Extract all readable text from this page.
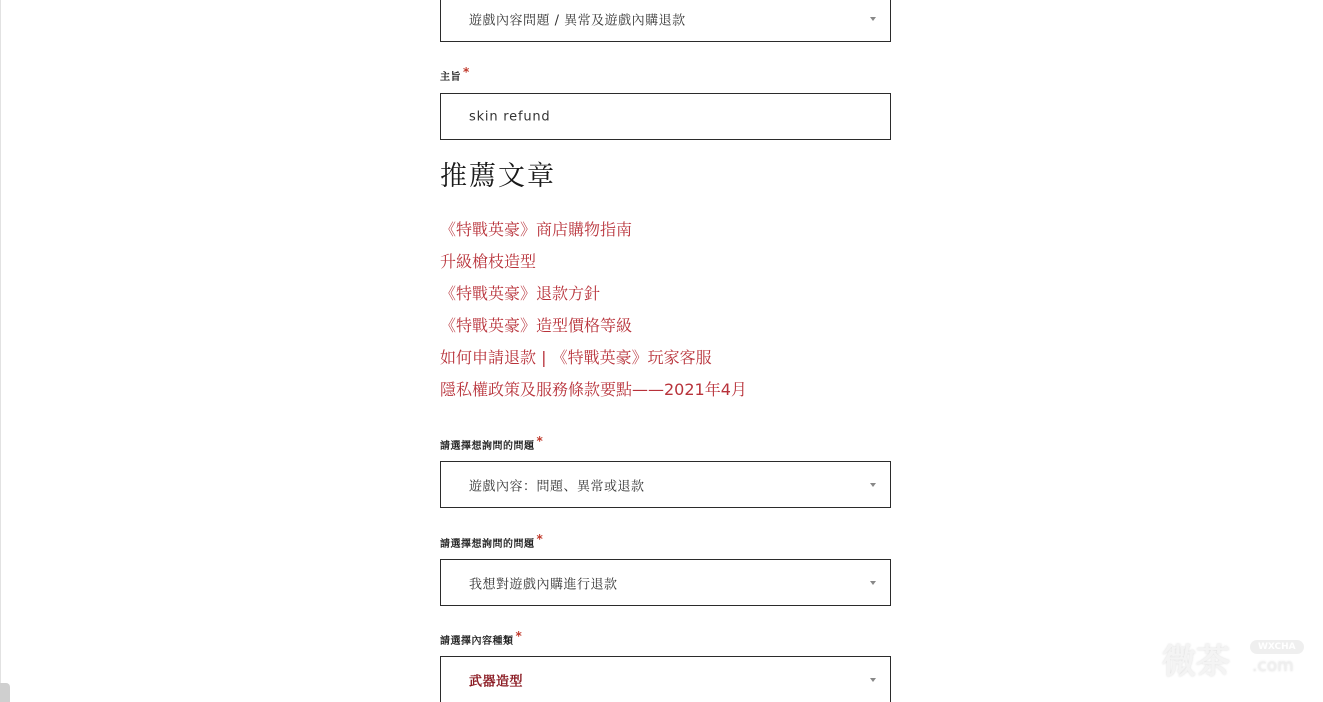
遊戲內容問題 / 異常及遊戲內購退款
主旨 *
skin refund
推薦文章
《特戰英豪》商店購物指南
升級槍枝造型
《特戰英豪》退款方針
《特戰英豪》造型價格等級
如何申請退款 | 《特戰英豪》玩家客服
隱私權政策及服務條款要點——2021年4月
請選擇想詢問的問題 *
遊戲內容：問題、異常或退款
請選擇想詢問的問題 *
我想對遊戲內購進行退款
請選擇內容種類 *
武器造型	微茶	WXCHA
.com
